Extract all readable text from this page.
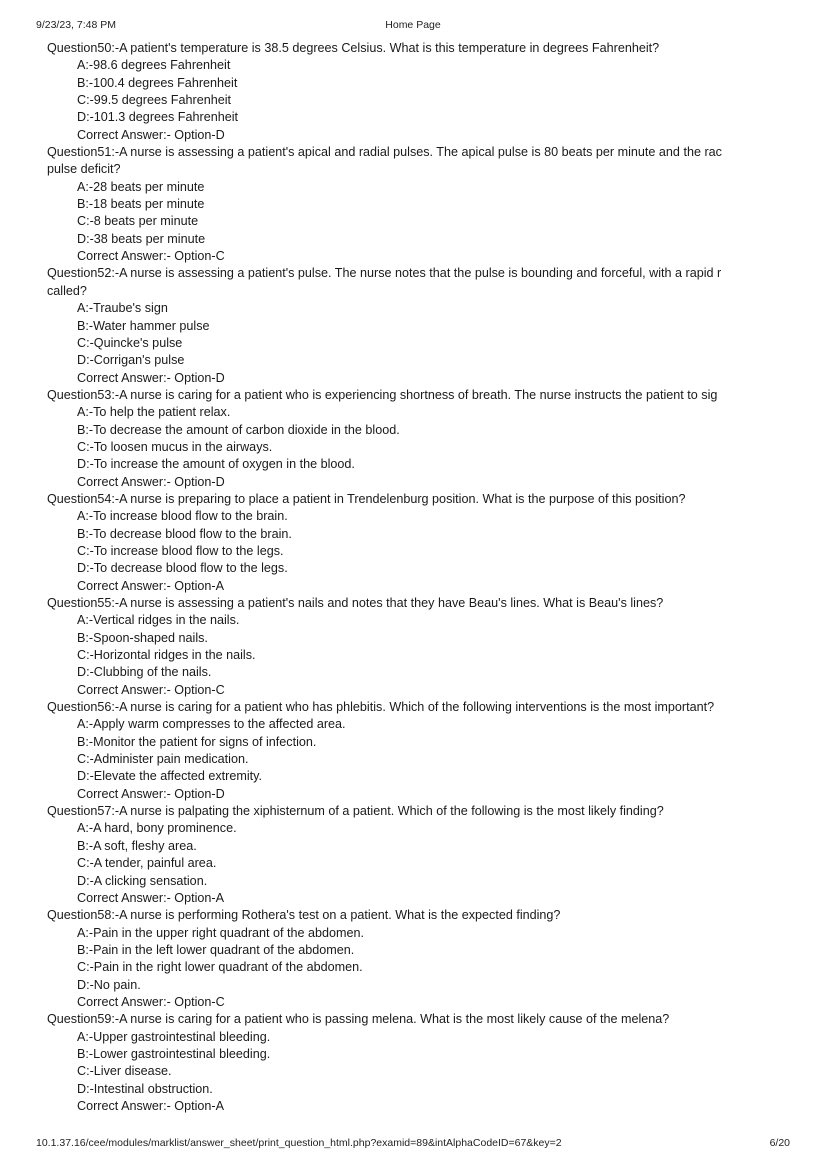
9/23/23, 7:48 PM	Home Page
Question50:-A patient's temperature is 38.5 degrees Celsius. What is this temperature in degrees Fahrenheit?
A:-98.6 degrees Fahrenheit
B:-100.4 degrees Fahrenheit
C:-99.5 degrees Fahrenheit
D:-101.3 degrees Fahrenheit
Correct Answer:- Option-D
Question51:-A nurse is assessing a patient's apical and radial pulses. The apical pulse is 80 beats per minute and the rac
pulse deficit?
A:-28 beats per minute
B:-18 beats per minute
C:-8 beats per minute
D:-38 beats per minute
Correct Answer:- Option-C
Question52:-A nurse is assessing a patient's pulse. The nurse notes that the pulse is bounding and forceful, with a rapid r
called?
A:-Traube's sign
B:-Water hammer pulse
C:-Quincke's pulse
D:-Corrigan's pulse
Correct Answer:- Option-D
Question53:-A nurse is caring for a patient who is experiencing shortness of breath. The nurse instructs the patient to sig
A:-To help the patient relax.
B:-To decrease the amount of carbon dioxide in the blood.
C:-To loosen mucus in the airways.
D:-To increase the amount of oxygen in the blood.
Correct Answer:- Option-D
Question54:-A nurse is preparing to place a patient in Trendelenburg position. What is the purpose of this position?
A:-To increase blood flow to the brain.
B:-To decrease blood flow to the brain.
C:-To increase blood flow to the legs.
D:-To decrease blood flow to the legs.
Correct Answer:- Option-A
Question55:-A nurse is assessing a patient's nails and notes that they have Beau's lines. What is Beau's lines?
A:-Vertical ridges in the nails.
B:-Spoon-shaped nails.
C:-Horizontal ridges in the nails.
D:-Clubbing of the nails.
Correct Answer:- Option-C
Question56:-A nurse is caring for a patient who has phlebitis. Which of the following interventions is the most important?
A:-Apply warm compresses to the affected area.
B:-Monitor the patient for signs of infection.
C:-Administer pain medication.
D:-Elevate the affected extremity.
Correct Answer:- Option-D
Question57:-A nurse is palpating the xiphisternum of a patient. Which of the following is the most likely finding?
A:-A hard, bony prominence.
B:-A soft, fleshy area.
C:-A tender, painful area.
D:-A clicking sensation.
Correct Answer:- Option-A
Question58:-A nurse is performing Rothera's test on a patient. What is the expected finding?
A:-Pain in the upper right quadrant of the abdomen.
B:-Pain in the left lower quadrant of the abdomen.
C:-Pain in the right lower quadrant of the abdomen.
D:-No pain.
Correct Answer:- Option-C
Question59:-A nurse is caring for a patient who is passing melena. What is the most likely cause of the melena?
A:-Upper gastrointestinal bleeding.
B:-Lower gastrointestinal bleeding.
C:-Liver disease.
D:-Intestinal obstruction.
Correct Answer:- Option-A
10.1.37.16/cee/modules/marklist/answer_sheet/print_question_html.php?examid=89&intAlphaCodeID=67&key=2	6/20
